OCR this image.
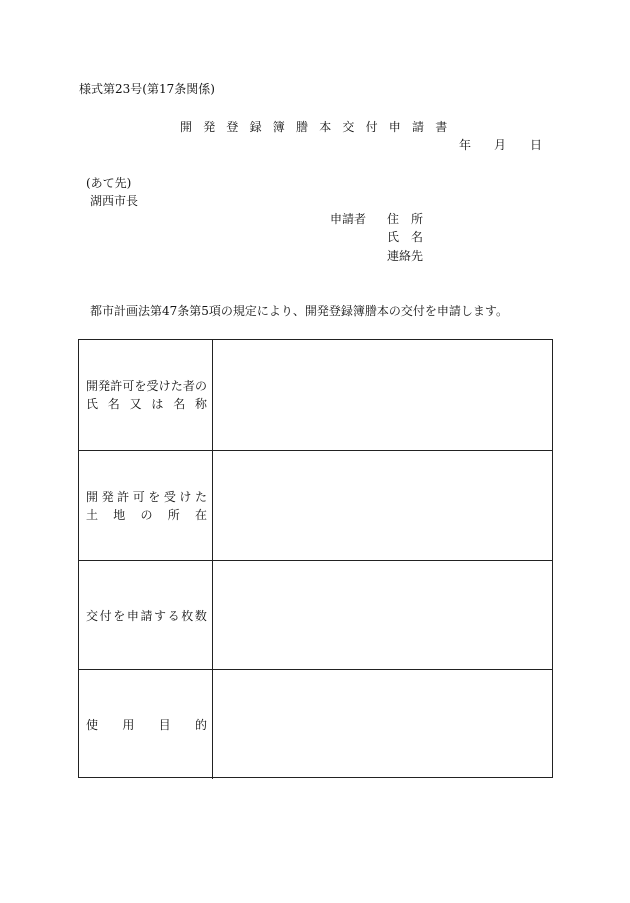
様式第23号(第17条関係)
開発登録簿謄本交付申請書
年 月 日
(あて先)
湖西市長
申請者 住所
氏名
連絡先
都市計画法第47条第5項の規定により、開発登録簿謄本の交付を申請します。
開 発 許 可 を 受 け た 者 の
氏 名 又 は 名 称
開 発 許 可 を 受 け た
土 地 の 所 在
交 付 を 申 請 す る 枚 数
使 用 目 的
